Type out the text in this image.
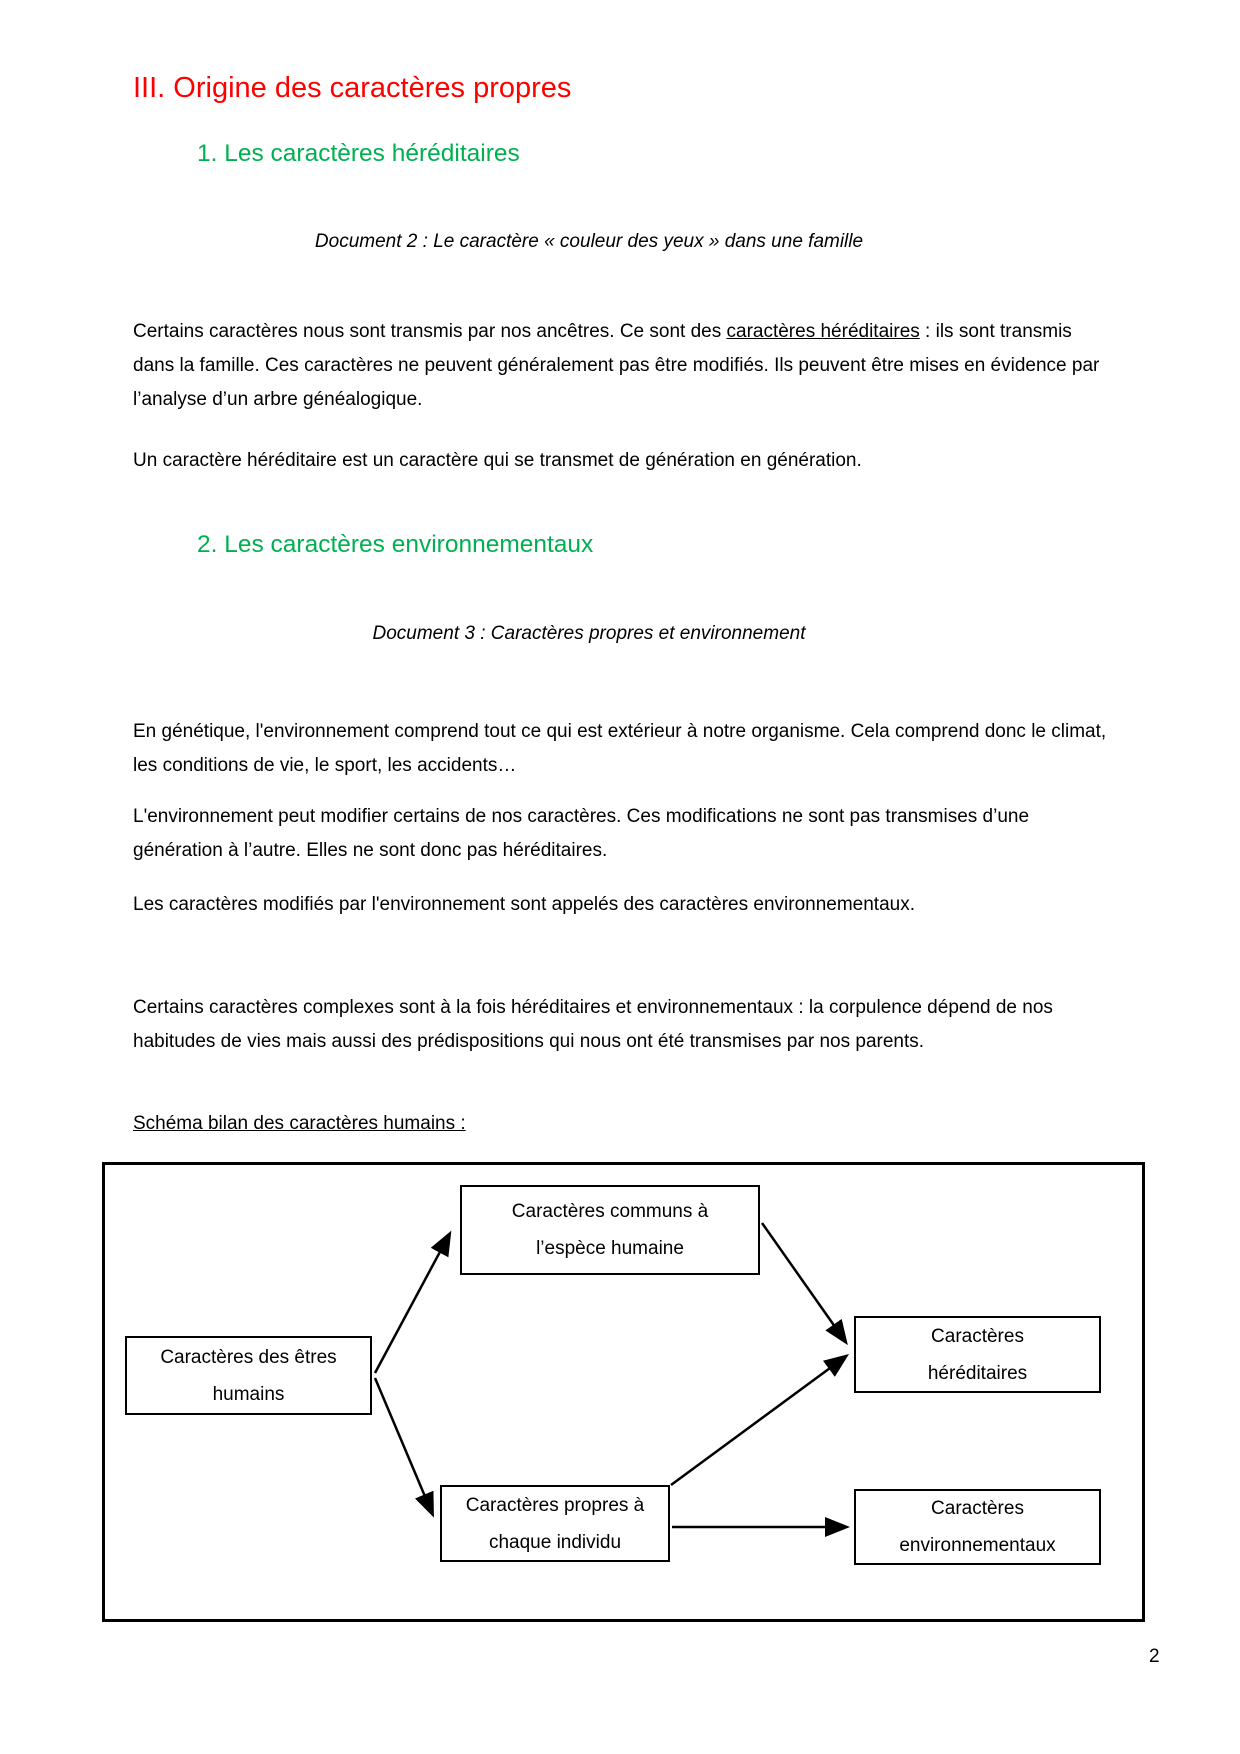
III. Origine des caractères propres
1. Les caractères héréditaires
Document 2 : Le caractère « couleur des yeux » dans une famille

Certains caractères nous sont transmis par nos ancêtres. Ce sont des caractères héréditaires : ils sont transmis dans la famille. Ces caractères ne peuvent généralement pas être modifiés. Ils peuvent être mises en évidence par l’analyse d’un arbre généalogique.

Un caractère héréditaire est un caractère qui se transmet de génération en génération.

2. Les caractères environnementaux
Document 3 : Caractères propres et environnement

En génétique, l'environnement comprend tout ce qui est extérieur à notre organisme. Cela comprend donc le climat, les conditions de vie, le sport, les accidents…

L'environnement peut modifier certains de nos caractères. Ces modifications ne sont pas transmises d’une génération à l’autre. Elles ne sont donc pas héréditaires.

Les caractères modifiés par l'environnement sont appelés des caractères environnementaux.

Certains caractères complexes sont à la fois héréditaires et environnementaux : la corpulence dépend de nos habitudes de vies mais aussi des prédispositions qui nous ont été transmises par nos parents.

Schéma bilan des caractères humains :
Caractères communs à
l’espèce humaine
Caractères des êtres
humains
Caractères
héréditaires
Caractères propres à
chaque individu
Caractères
environnementaux
2
